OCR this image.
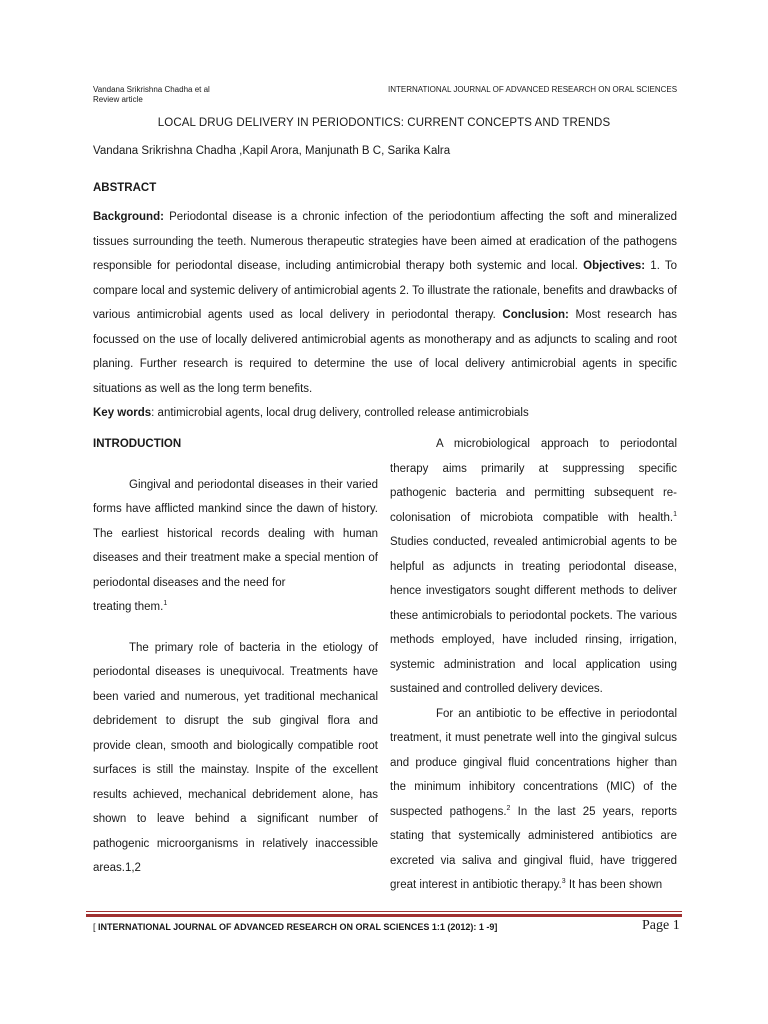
Vandana Srikrishna Chadha et al
Review article
INTERNATIONAL JOURNAL OF ADVANCED RESEARCH ON ORAL SCIENCES
LOCAL DRUG DELIVERY IN PERIODONTICS: CURRENT CONCEPTS AND TRENDS
Vandana Srikrishna Chadha ,Kapil Arora, Manjunath B C, Sarika Kalra
ABSTRACT
Background: Periodontal disease is a chronic infection of the periodontium affecting the soft and mineralized tissues surrounding the teeth. Numerous therapeutic strategies have been aimed at eradication of the pathogens responsible for periodontal disease, including antimicrobial therapy both systemic and local. Objectives: 1. To compare local and systemic delivery of antimicrobial agents 2. To illustrate the rationale, benefits and drawbacks of various antimicrobial agents used as local delivery in periodontal therapy. Conclusion: Most research has focussed on the use of locally delivered antimicrobial agents as monotherapy and as adjuncts to scaling and root planing. Further research is required to determine the use of local delivery antimicrobial agents in specific situations as well as the long term benefits.
Key words: antimicrobial agents, local drug delivery, controlled release antimicrobials
INTRODUCTION

Gingival and periodontal diseases in their varied forms have afflicted mankind since the dawn of history. The earliest historical records dealing with human diseases and their treatment make a special mention of periodontal diseases and the need for

treating them.$^1$

The primary role of bacteria in the etiology of periodontal diseases is unequivocal. Treatments have been varied and numerous, yet traditional mechanical debridement to disrupt the sub gingival flora and provide clean, smooth and biologically compatible root surfaces is still the mainstay. Inspite of the excellent results achieved, mechanical debridement alone, has shown to leave behind a significant number of pathogenic microorganisms in relatively inaccessible areas.1,2

A microbiological approach to periodontal therapy aims primarily at suppressing specific pathogenic bacteria and permitting subsequent re-colonisation of microbiota compatible with health.$^1$ Studies conducted, revealed antimicrobial agents to be helpful as adjuncts in treating periodontal disease, hence investigators sought different methods to deliver these antimicrobials to periodontal pockets. The various methods employed, have included rinsing, irrigation, systemic administration and local application using sustained and controlled delivery devices.

For an antibiotic to be effective in periodontal treatment, it must penetrate well into the gingival sulcus and produce gingival fluid concentrations higher than the minimum inhibitory concentrations (MIC) of the suspected pathogens.$^2$ In the last 25 years, reports stating that systemically administered antibiotics are excreted via saliva and gingival fluid, have triggered great interest in antibiotic therapy.$^3$ It has been shown

[ INTERNATIONAL JOURNAL OF ADVANCED RESEARCH ON ORAL SCIENCES 1:1 (2012): 1 -9]	Page 1
